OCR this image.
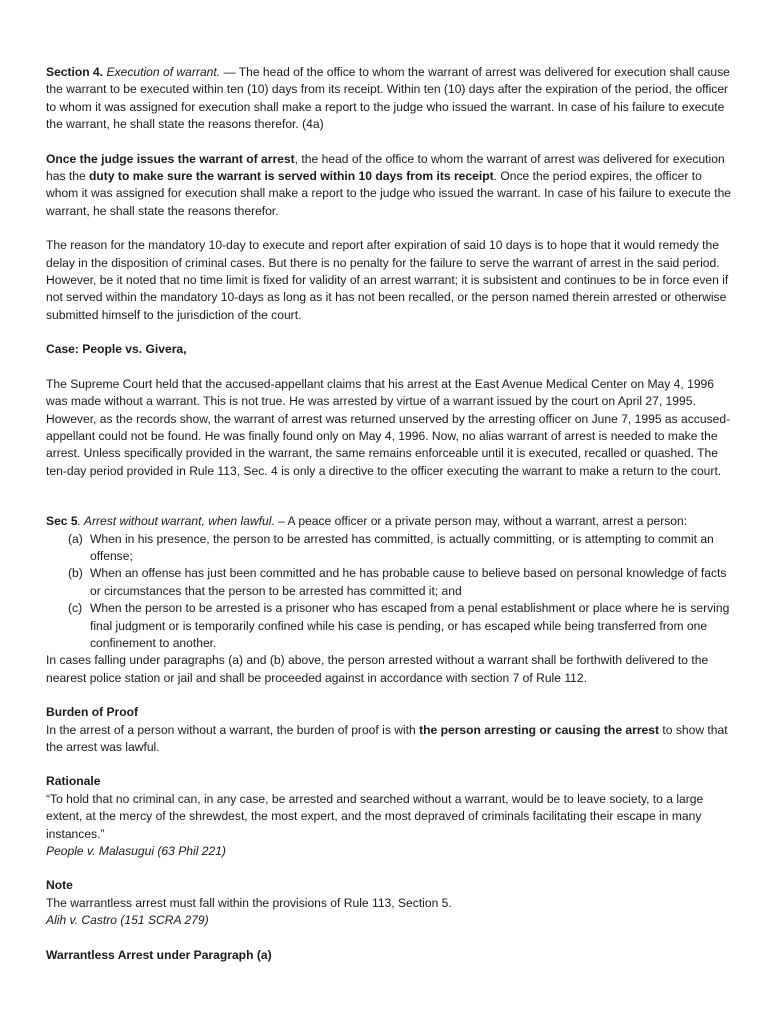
Section 4. Execution of warrant. — The head of the office to whom the warrant of arrest was delivered for execution shall cause the warrant to be executed within ten (10) days from its receipt. Within ten (10) days after the expiration of the period, the officer to whom it was assigned for execution shall make a report to the judge who issued the warrant. In case of his failure to execute the warrant, he shall state the reasons therefor. (4a)

Once the judge issues the warrant of arrest, the head of the office to whom the warrant of arrest was delivered for execution has the duty to make sure the warrant is served within 10 days from its receipt. Once the period expires, the officer to whom it was assigned for execution shall make a report to the judge who issued the warrant. In case of his failure to execute the warrant, he shall state the reasons therefor.

The reason for the mandatory 10-day to execute and report after expiration of said 10 days is to hope that it would remedy the delay in the disposition of criminal cases. But there is no penalty for the failure to serve the warrant of arrest in the said period. However, be it noted that no time limit is fixed for validity of an arrest warrant; it is subsistent and continues to be in force even if not served within the mandatory 10-days as long as it has not been recalled, or the person named therein arrested or otherwise submitted himself to the jurisdiction of the court.

Case: People vs. Givera,

The Supreme Court held that the accused-appellant claims that his arrest at the East Avenue Medical Center on May 4, 1996 was made without a warrant. This is not true. He was arrested by virtue of a warrant issued by the court on April 27, 1995. However, as the records show, the warrant of arrest was returned unserved by the arresting officer on June 7, 1995 as accused-appellant could not be found. He was finally found only on May 4, 1996. Now, no alias warrant of arrest is needed to make the arrest. Unless specifically provided in the warrant, the same remains enforceable until it is executed, recalled or quashed. The ten-day period provided in Rule 113, Sec. 4 is only a directive to the officer executing the warrant to make a return to the court.

Sec 5. Arrest without warrant, when lawful. – A peace officer or a private person may, without a warrant, arrest a person:

(a) When in his presence, the person to be arrested has committed, is actually committing, or is attempting to commit an offense;
(b) When an offense has just been committed and he has probable cause to believe based on personal knowledge of facts or circumstances that the person to be arrested has committed it; and
(c) When the person to be arrested is a prisoner who has escaped from a penal establishment or place where he is serving final judgment or is temporarily confined while his case is pending, or has escaped while being transferred from one confinement to another.

In cases falling under paragraphs (a) and (b) above, the person arrested without a warrant shall be forthwith delivered to the nearest police station or jail and shall be proceeded against in accordance with section 7 of Rule 112.

Burden of Proof

In the arrest of a person without a warrant, the burden of proof is with the person arresting or causing the arrest to show that the arrest was lawful.

Rationale

“To hold that no criminal can, in any case, be arrested and searched without a warrant, would be to leave society, to a large extent, at the mercy of the shrewdest, the most expert, and the most depraved of criminals facilitating their escape in many instances.”

People v. Malasugui (63 Phil 221)

Note

The warrantless arrest must fall within the provisions of Rule 113, Section 5.

Alih v. Castro (151 SCRA 279)

Warrantless Arrest under Paragraph (a)
